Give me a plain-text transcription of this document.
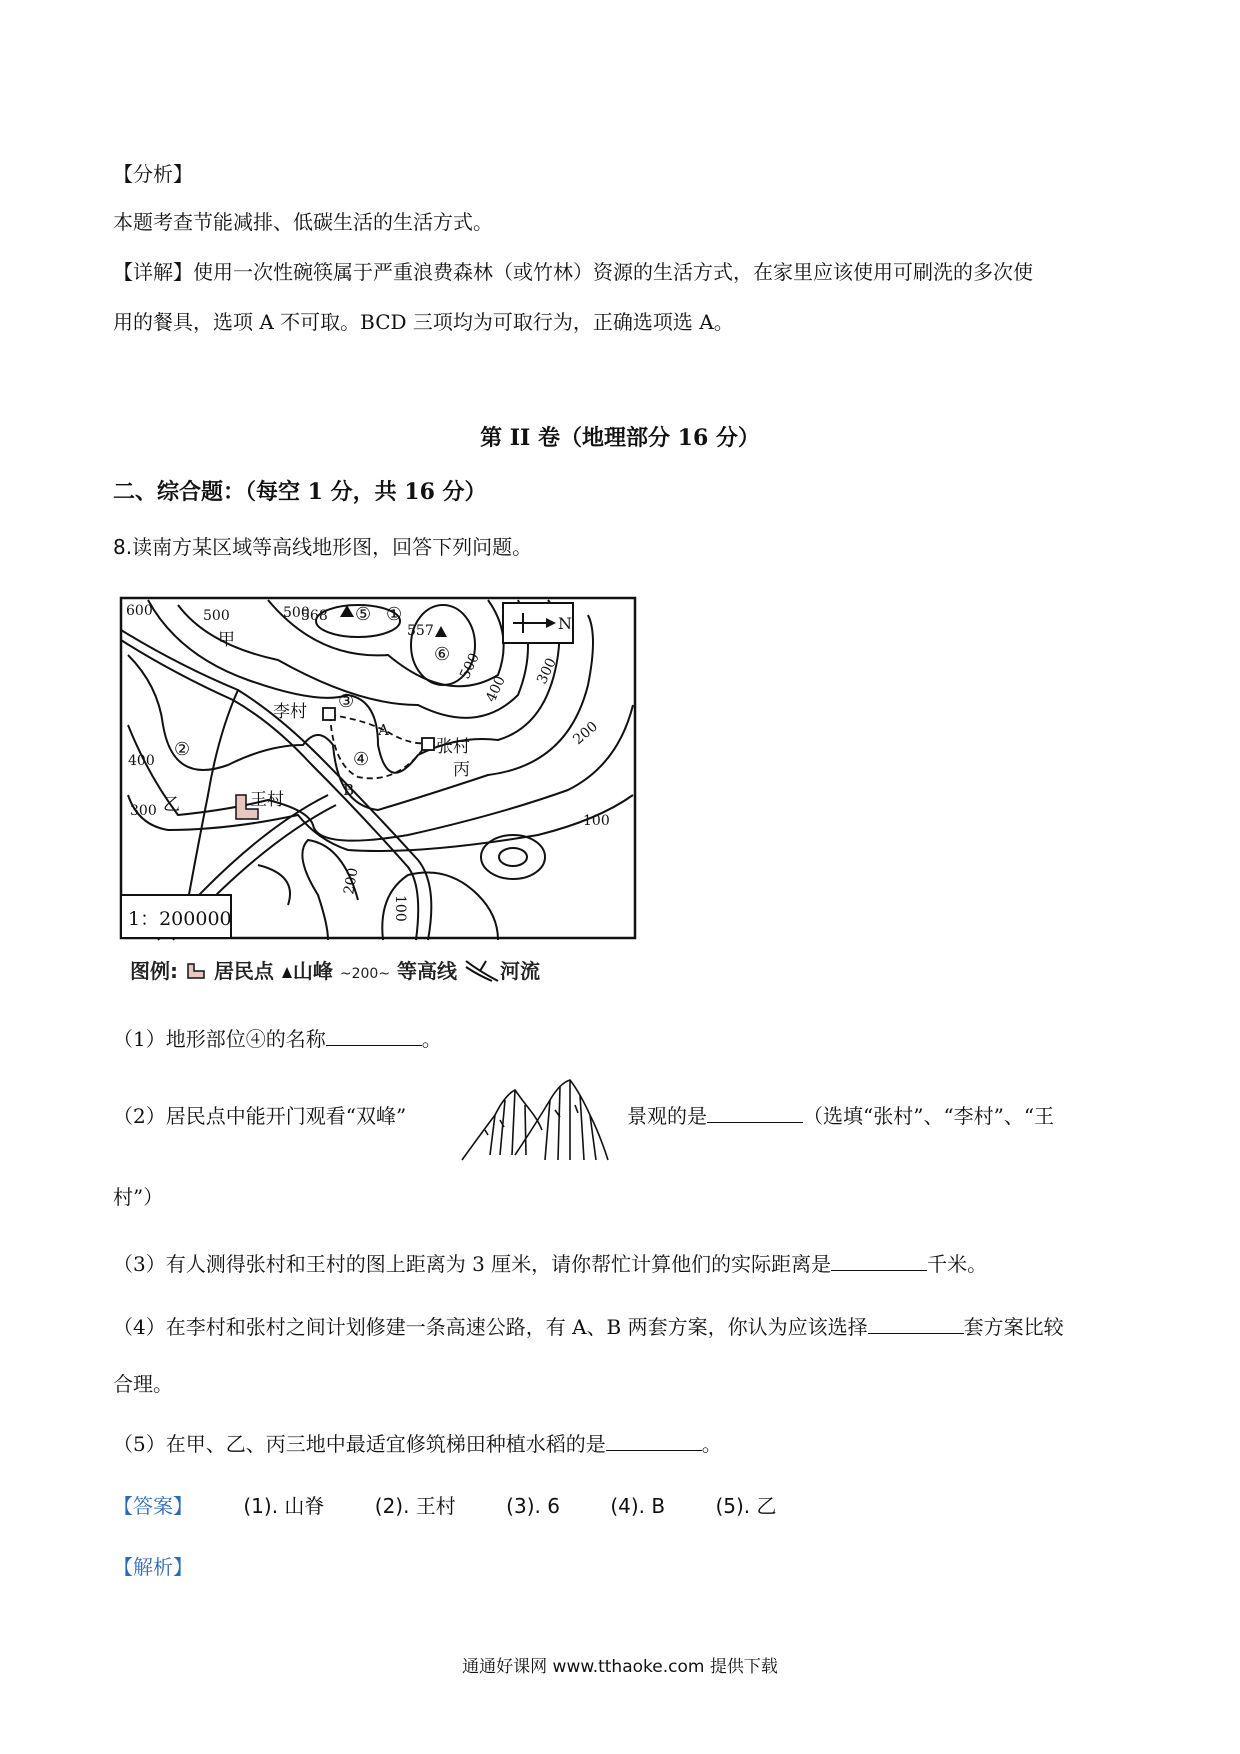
【分析】
本题考查节能减排、低碳生活的生活方式。
【详解】使用一次性碗筷属于严重浪费森林（或竹林）资源的生活方式，在家里应该使用可刷洗的多次使
用的餐具，选项 A 不可取。BCD 三项均为可取行为，正确选项选 A。
第 II 卷（地理部分 16 分）
二、综合题：（每空 1 分，共 16 分）
8.读南方某区域等高线地形图，回答下列问题。
600	500	500
500
400
300
200
400
300
100
200
100
568 ⑤
557
⑥
①
②
③
④
甲
乙
丙
李村
张村
王村
A
B
N
1：200000
图例: 居民点 山峰 ~200~ 等高线 河流
（1）地形部位④的名称	。
（2）居民点中能开门观看“双峰”	景观的是	（选填“张村”、“李村”、“王
村”）
（3）有人测得张村和王村的图上距离为 3 厘米，请你帮忙计算他们的实际距离是	千米。
（4）在李村和张村之间计划修建一条高速公路，有 A、B 两套方案，你认为应该选择	套方案比较
合理。
（5）在甲、乙、丙三地中最适宜修筑梯田种植水稻的是	。
【答案】	(1). 山脊	(2). 王村	(3). 6	(4). B	(5). 乙
【解析】
通通好课网 www.tthaoke.com 提供下载
